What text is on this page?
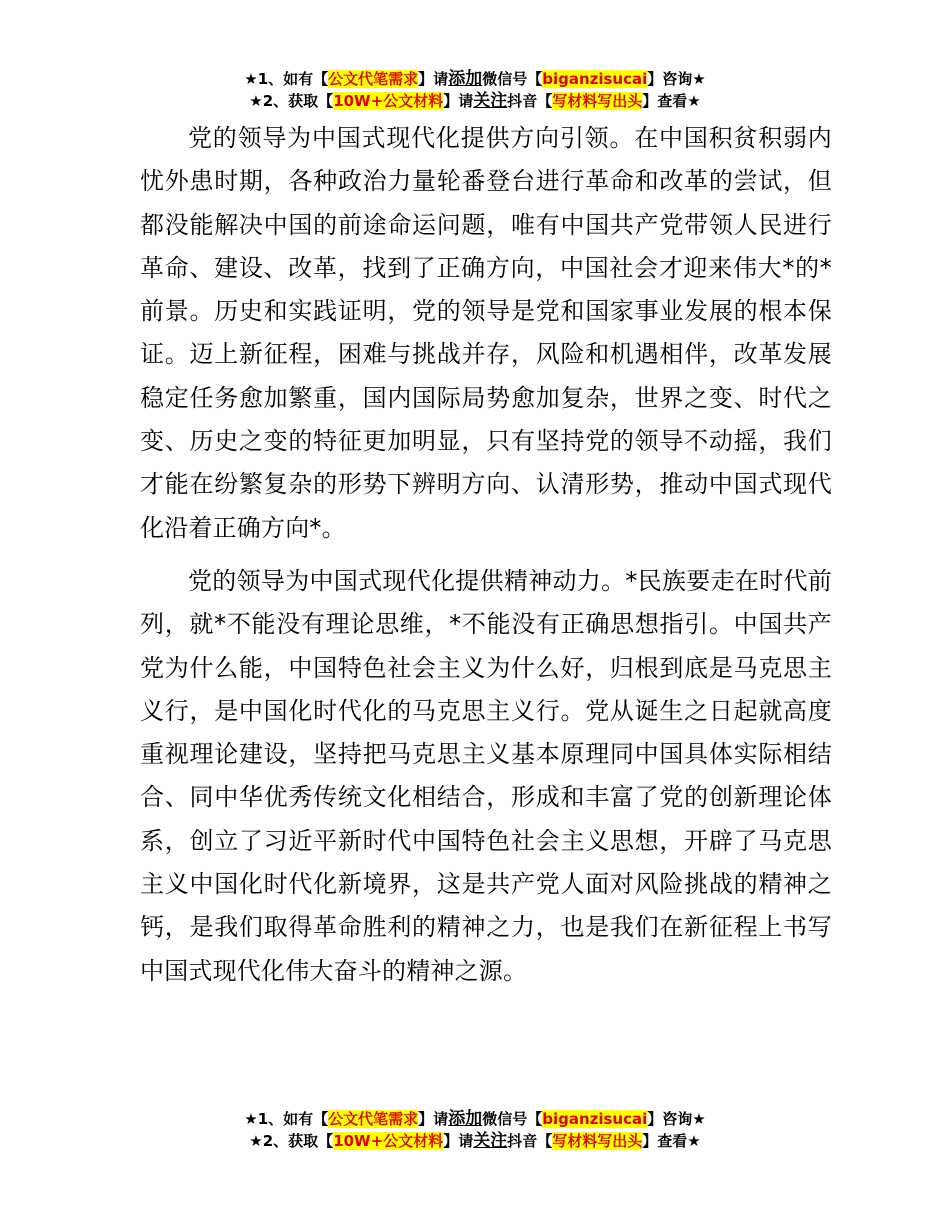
★1、如有【公文代笔需求】请添加微信号【biganzisucai】咨询★
★2、获取【10W+公文材料】请关注抖音【写材料写出头】查看★

党的领导为中国式现代化提供方向引领。在中国积贫积弱内忧外患时期，各种政治力量轮番登台进行革命和改革的尝试，但都没能解决中国的前途命运问题，唯有中国共产党带领人民进行革命、建设、改革，找到了正确方向，中国社会才迎来伟大*的*前景。历史和实践证明，党的领导是党和国家事业发展的根本保证。迈上新征程，困难与挑战并存，风险和机遇相伴，改革发展稳定任务愈加繁重，国内国际局势愈加复杂，世界之变、时代之变、历史之变的特征更加明显，只有坚持党的领导不动摇，我们才能在纷繁复杂的形势下辨明方向、认清形势，推动中国式现代化沿着正确方向*。

党的领导为中国式现代化提供精神动力。*民族要走在时代前列，就*不能没有理论思维，*不能没有正确思想指引。中国共产党为什么能，中国特色社会主义为什么好，归根到底是马克思主义行，是中国化时代化的马克思主义行。党从诞生之日起就高度重视理论建设，坚持把马克思主义基本原理同中国具体实际相结合、同中华优秀传统文化相结合，形成和丰富了党的创新理论体系，创立了习近平新时代中国特色社会主义思想，开辟了马克思主义中国化时代化新境界，这是共产党人面对风险挑战的精神之钙，是我们取得革命胜利的精神之力，也是我们在新征程上书写中国式现代化伟大奋斗的精神之源。

★1、如有【公文代笔需求】请添加微信号【biganzisucai】咨询★
★2、获取【10W+公文材料】请关注抖音【写材料写出头】查看★
